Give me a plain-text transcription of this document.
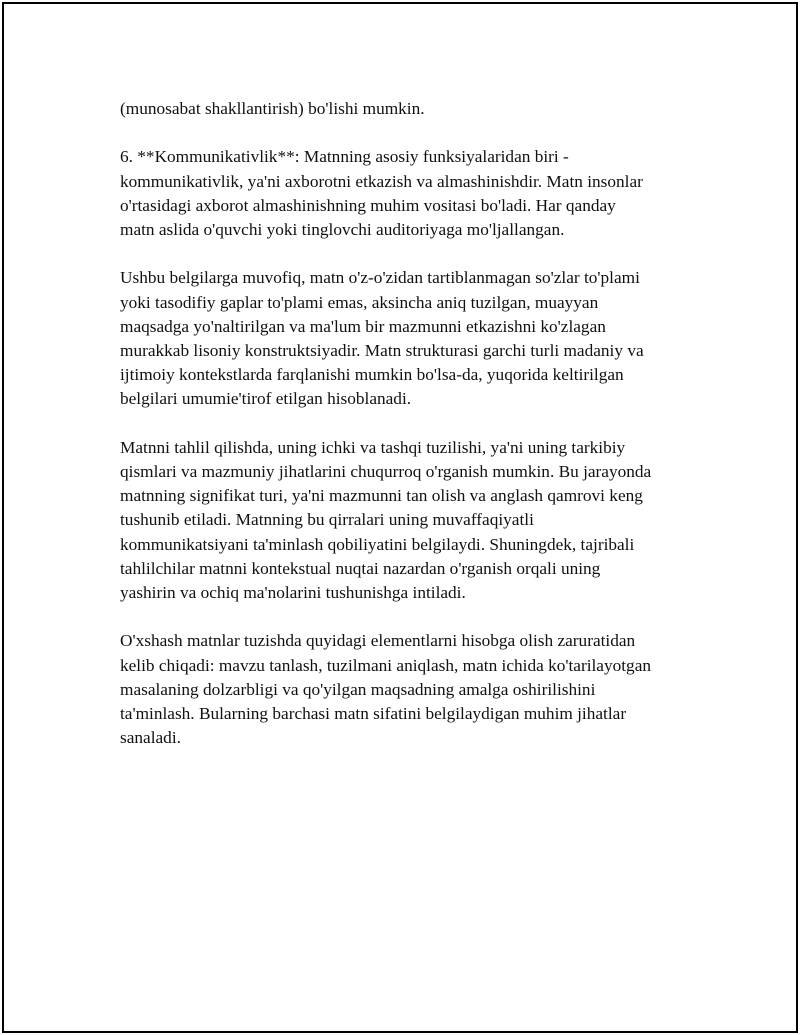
(munosabat shakllantirish) bo'lishi mumkin.

6. **Kommunikativlik**: Matnning asosiy funksiyalaridan biri -
kommunikativlik, ya'ni axborotni etkazish va almashinishdir. Matn insonlar
o'rtasidagi axborot almashinishning muhim vositasi bo'ladi. Har qanday
matn aslida o'quvchi yoki tinglovchi auditoriyaga mo'ljallangan.

Ushbu belgilarga muvofiq, matn o'z-o'zidan tartiblanmagan so'zlar to'plami
yoki tasodifiy gaplar to'plami emas, aksincha aniq tuzilgan, muayyan
maqsadga yo'naltirilgan va ma'lum bir mazmunni etkazishni ko'zlagan
murakkab lisoniy konstruktsiyadir. Matn strukturasi garchi turli madaniy va
ijtimoiy kontekstlarda farqlanishi mumkin bo'lsa-da, yuqorida keltirilgan
belgilari umumie'tirof etilgan hisoblanadi.

Matnni tahlil qilishda, uning ichki va tashqi tuzilishi, ya'ni uning tarkibiy
qismlari va mazmuniy jihatlarini chuqurroq o'rganish mumkin. Bu jarayonda
matnning signifikat turi, ya'ni mazmunni tan olish va anglash qamrovi keng
tushunib etiladi. Matnning bu qirralari uning muvaffaqiyatli
kommunikatsiyani ta'minlash qobiliyatini belgilaydi. Shuningdek, tajribali
tahlilchilar matnni kontekstual nuqtai nazardan o'rganish orqali uning
yashirin va ochiq ma'nolarini tushunishga intiladi.

O'xshash matnlar tuzishda quyidagi elementlarni hisobga olish zaruratidan
kelib chiqadi: mavzu tanlash, tuzilmani aniqlash, matn ichida ko'tarilayotgan
masalaning dolzarbligi va qo'yilgan maqsadning amalga oshirilishini
ta'minlash. Bularning barchasi matn sifatini belgilaydigan muhim jihatlar
sanaladi.
